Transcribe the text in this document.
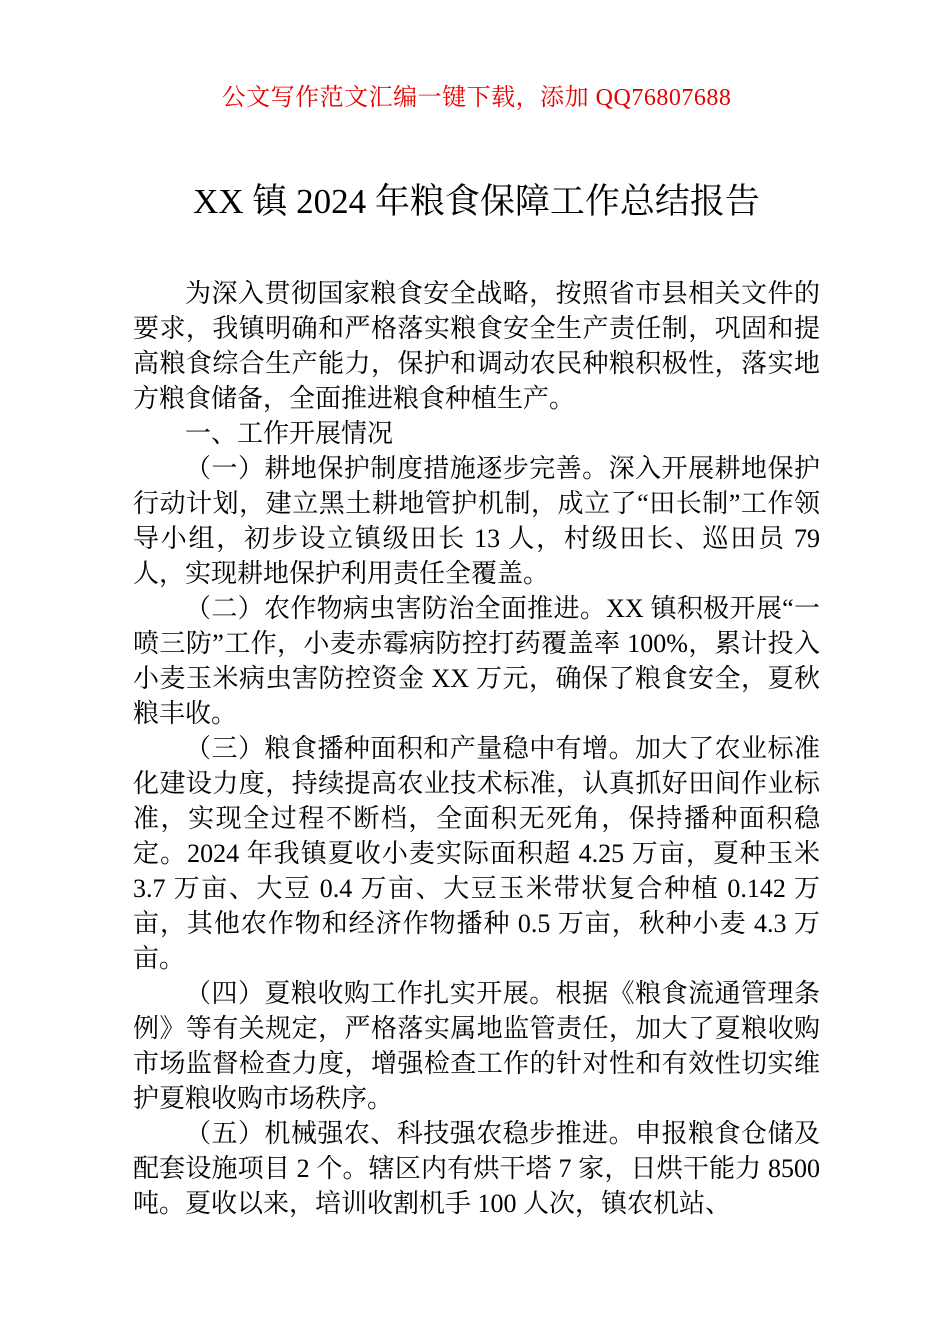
公文写作范文汇编一键下载，添加 QQ76807688
XX 镇 2024 年粮食保障工作总结报告

为深入贯彻国家粮食安全战略，按照省市县相关文件的要求，我镇明确和严格落实粮食安全生产责任制，巩固和提高粮食综合生产能力，保护和调动农民种粮积极性，落实地方粮食储备，全面推进粮食种植生产。

一、工作开展情况

（一）耕地保护制度措施逐步完善。深入开展耕地保护行动计划，建立黑土耕地管护机制，成立了“田长制”工作领导小组，初步设立镇级田长 13 人，村级田长、巡田员 79 人，实现耕地保护利用责任全覆盖。

（二）农作物病虫害防治全面推进。XX 镇积极开展“一喷三防”工作，小麦赤霉病防控打药覆盖率 100%，累计投入小麦玉米病虫害防控资金 XX 万元，确保了粮食安全，夏秋粮丰收。

（三）粮食播种面积和产量稳中有增。加大了农业标准化建设力度，持续提高农业技术标准，认真抓好田间作业标准，实现全过程不断档，全面积无死角，保持播种面积稳定。2024 年我镇夏收小麦实际面积超 4.25 万亩，夏种玉米 3.7 万亩、大豆 0.4 万亩、大豆玉米带状复合种植 0.142 万亩，其他农作物和经济作物播种 0.5 万亩，秋种小麦 4.3 万亩。

（四）夏粮收购工作扎实开展。根据《粮食流通管理条例》等有关规定，严格落实属地监管责任，加大了夏粮收购市场监督检查力度，增强检查工作的针对性和有效性切实维护夏粮收购市场秩序。

（五）机械强农、科技强农稳步推进。申报粮食仓储及配套设施项目 2 个。辖区内有烘干塔 7 家，日烘干能力 8500 吨。夏收以来，培训收割机手 100 人次，镇农机站、
